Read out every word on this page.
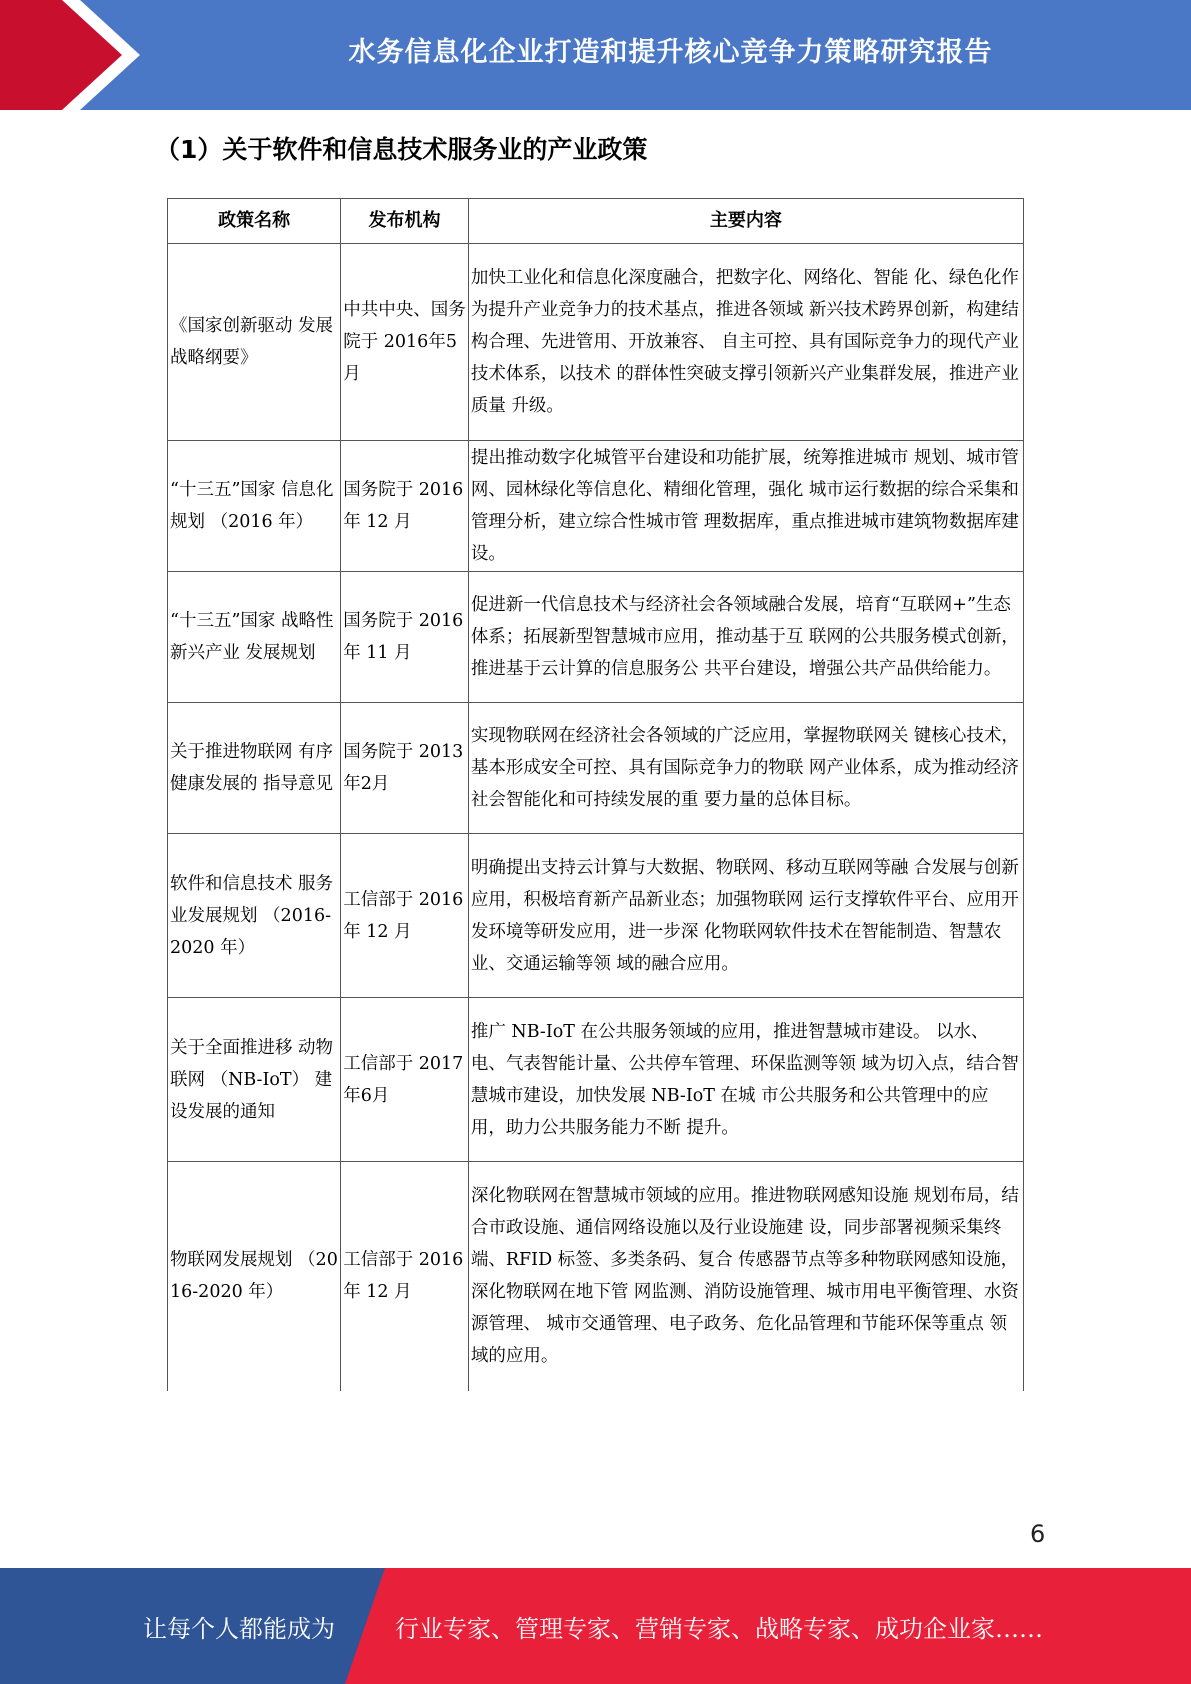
水务信息化企业打造和提升核心竞争力策略研究报告
（1）关于软件和信息技术服务业的产业政策
政策名称	发布机构	主要内容
《国家创新驱动 发展战略纲要》	中共中央、国务院于 2016年5月	加快工业化和信息化深度融合，把数字化、网络化、智能 化、绿色化作为提升产业竞争力的技术基点，推进各领域 新兴技术跨界创新，构建结构合理、先进管用、开放兼容、 自主可控、具有国际竞争力的现代产业技术体系，以技术 的群体性突破支撑引领新兴产业集群发展，推进产业质量 升级。
“十三五”国家 信息化规划 （2016 年）	国务院于 2016 年 12 月	提出推动数字化城管平台建设和功能扩展，统筹推进城市 规划、城市管网、园林绿化等信息化、精细化管理，强化 城市运行数据的综合采集和管理分析，建立综合性城市管 理数据库，重点推进城市建筑物数据库建设。
“十三五”国家 战略性新兴产业 发展规划	国务院于 2016 年 11 月	促进新一代信息技术与经济社会各领域融合发展，培育“互联网+”生态体系；拓展新型智慧城市应用，推动基于互 联网的公共服务模式创新，推进基于云计算的信息服务公 共平台建设，增强公共产品供给能力。
关于推进物联网 有序健康发展的 指导意见	国务院于 2013年2月	实现物联网在经济社会各领域的广泛应用，掌握物联网关 键核心技术，基本形成安全可控、具有国际竞争力的物联 网产业体系，成为推动经济社会智能化和可持续发展的重 要力量的总体目标。
软件和信息技术 服务业发展规划 （2016-2020 年）	工信部于 2016 年 12 月	明确提出支持云计算与大数据、物联网、移动互联网等融 合发展与创新应用，积极培育新产品新业态；加强物联网 运行支撑软件平台、应用开发环境等研发应用，进一步深 化物联网软件技术在智能制造、智慧农业、交通运输等领 域的融合应用。
关于全面推进移 动物联网 （NB-IoT） 建设发展的通知	工信部于 2017年6月	推广 NB-IoT 在公共服务领域的应用，推进智慧城市建设。 以水、电、气表智能计量、公共停车管理、环保监测等领 域为切入点，结合智慧城市建设，加快发展 NB-IoT 在城 市公共服务和公共管理中的应用，助力公共服务能力不断 提升。
物联网发展规划 （2016-2020 年）	工信部于 2016 年 12 月	深化物联网在智慧城市领域的应用。推进物联网感知设施 规划布局，结合市政设施、通信网络设施以及行业设施建 设，同步部署视频采集终端、RFID 标签、多类条码、复合 传感器节点等多种物联网感知设施，深化物联网在地下管 网监测、消防设施管理、城市用电平衡管理、水资源管理、 城市交通管理、电子政务、危化品管理和节能环保等重点 领域的应用。
6
让每个人都能成为	行业专家、管理专家、营销专家、战略专家、成功企业家……
